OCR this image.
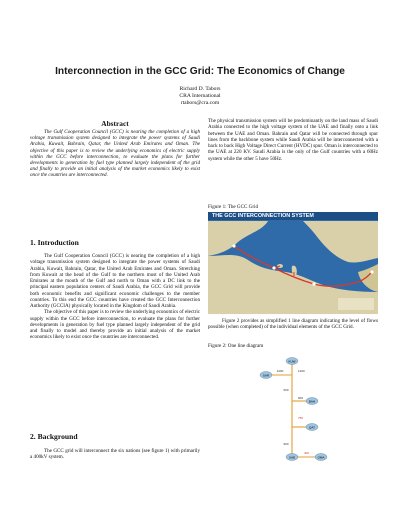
Interconnection in the GCC Grid: The Economics of Change
Richard D. Tabors
CRA International
rtabors@cra.com
Abstract

The Gulf Cooperation Council (GCC) is nearing the completion of a high voltage transmission system designed to integrate the power systems of Saudi Arabia, Kuwait, Bahrain, Qatar, the United Arab Emirates and Oman. The objective of this paper is to review the underlying economics of electric supply within the GCC before interconnection, to evaluate the plans for further developments in generation by fuel type planned largely independent of the grid and finally to provide an initial analysis of the market economics likely to exist once the countries are interconnected.

1. Introduction

The Gulf Cooperation Council (GCC) is nearing the completion of a high voltage transmission system designed to integrate the power systems of Saudi Arabia, Kuwait, Bahrain, Qatar, the United Arab Emirates and Oman. Stretching from Kuwait at the head of the Gulf to the northern most of the United Arab Emirates at the mouth of the Gulf and north to Oman with a DC link to the principal eastern population centers of Saudi Arabia, the GCC Grid will provide both economic benefits and significant economic challenges to the member countries. To this end the GCC countries have created the GCC Interconnection Authority (GCCIA) physically located in the Kingdom of Saudi Arabia.

The objective of this paper is to review the underlying economics of electric supply within the GCC before interconnection, to evaluate the plans for further developments in generation by fuel type planned largely independent of the grid and finally to model and thereby provide an initial analysis of the market economics likely to exist once the countries are interconnected.

2. Background

The GCC grid will interconnect the six nations (see figure 1) with primarily a 400kV system.

The physical transmission system will be predominantly on the land mass of Saudi Arabia connected to the high voltage system of the UAE and finally onto a link between the UAE and Oman. Bahrain and Qatar will be connected through spur lines from the backbone system while Saudi Arabia will be interconnected with a back to back High Voltage Direct Current (HVDC) spur. Oman is interconnected to the UAE at 220 KV. Saudi Arabia is the only of the Gulf countries with a 60Hz system while the other 5 have 50Hz.

Figure 1: The GCC Grid
THE GCC INTERCONNECTION SYSTEM
Figure 2 provides as simplified 1 line diagram indicating the level of flows possible (when completed) of the individual elements of the GCC Grid.
Figure 2: One line diagram
KUW
SAR
BAH
QAT
UAE	OMA
1200	1200
600
600
750
900
400
